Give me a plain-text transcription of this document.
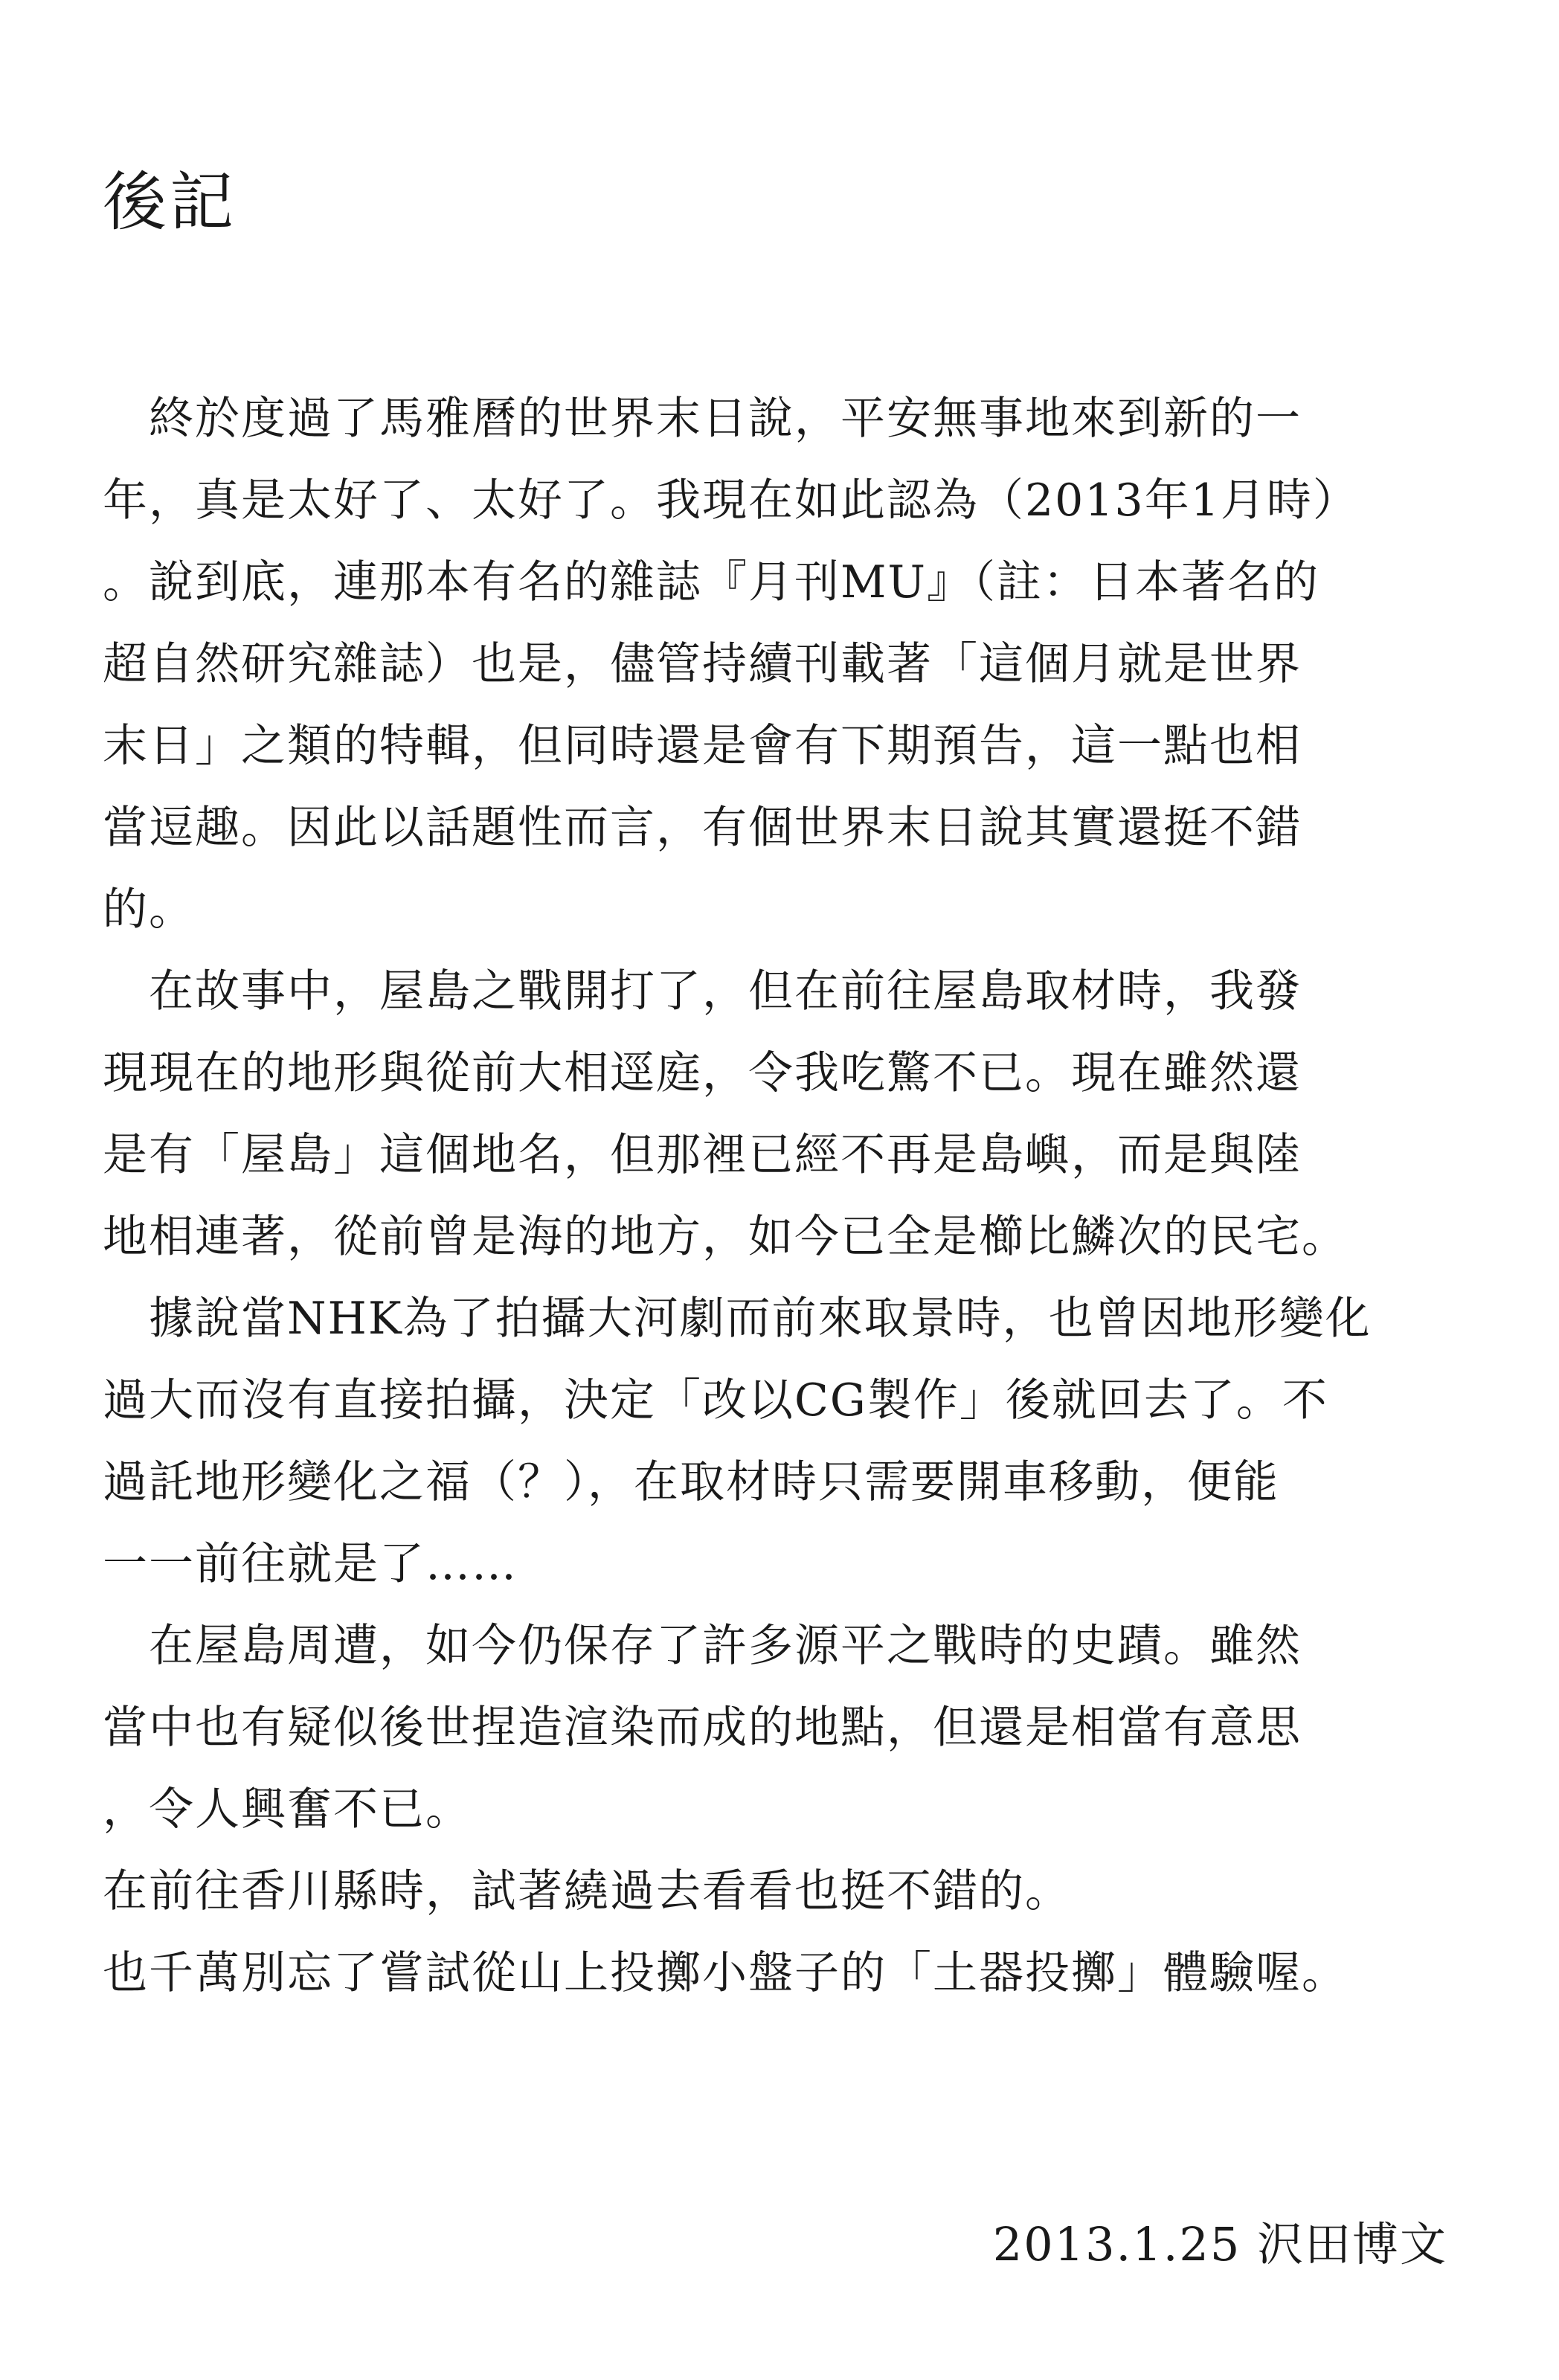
後記
　終於度過了馬雅曆的世界末日說，平安無事地來到新的一
年，真是太好了、太好了。我現在如此認為（2013年1月時）
。說到底，連那本有名的雜誌『月刊MU』（註：日本著名的
超自然研究雜誌）也是，儘管持續刊載著「這個月就是世界
末日」之類的特輯，但同時還是會有下期預告，這一點也相
當逗趣。因此以話題性而言，有個世界末日說其實還挺不錯
的。
　在故事中，屋島之戰開打了，但在前往屋島取材時，我發
現現在的地形與從前大相逕庭，令我吃驚不已。現在雖然還
是有「屋島」這個地名，但那裡已經不再是島嶼，而是與陸
地相連著，從前曾是海的地方，如今已全是櫛比鱗次的民宅。
　據說當NHK為了拍攝大河劇而前來取景時，也曾因地形變化
過大而沒有直接拍攝，決定「改以CG製作」後就回去了。不
過託地形變化之福（？），在取材時只需要開車移動，便能
一一前往就是了……
　在屋島周遭，如今仍保存了許多源平之戰時的史蹟。雖然
當中也有疑似後世捏造渲染而成的地點，但還是相當有意思
，令人興奮不已。
在前往香川縣時，試著繞過去看看也挺不錯的。
也千萬別忘了嘗試從山上投擲小盤子的「土器投擲」體驗喔。
2013.1.25 沢田博文
